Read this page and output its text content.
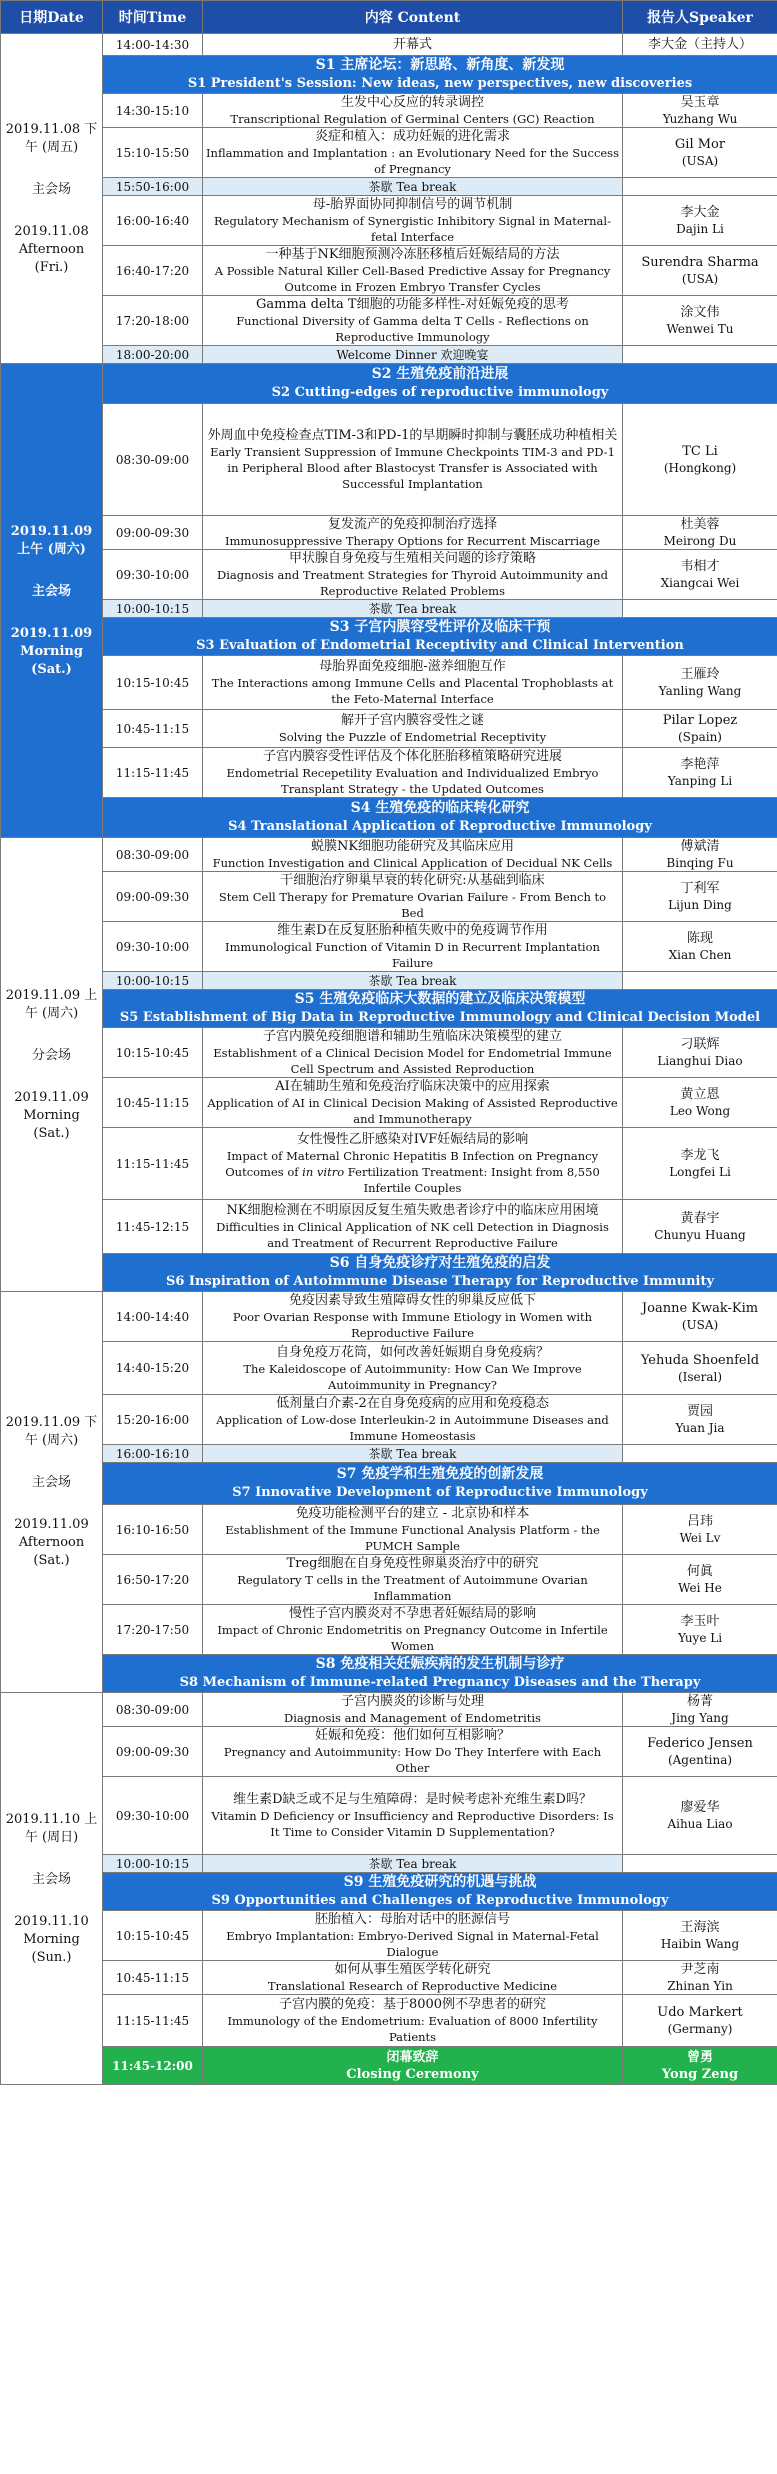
日期Date	时间Time	内容 Content	报告人Speaker

2019.11.08 下午 (周五)
主会场
2019.11.08
Afternoon
(Fri.)	14:00-14:30	开幕式	李大金（主持人）

	S1 主席论坛：新思路、新角度、新发现
S1 President's Session: New ideas, new perspectives, new discoveries		

	14:30-15:10	生发中心反应的转录调控
Transcriptional Regulation of Germinal Centers (GC) Reaction	吴玉章
Yuzhang Wu

	15:10-15:50	炎症和植入：成功妊娠的进化需求
Inflammation and Implantation : an Evolutionary Need for the Success of Pregnancy	Gil Mor
(USA)

	15:50-16:00	茶歇 Tea break	
	16:00-16:40	母-胎界面协同抑制信号的调节机制
Regulatory Mechanism of Synergistic Inhibitory Signal in Maternal-fetal Interface	李大金
Dajin Li

	16:40-17:20	一种基于NK细胞预测冷冻胚移植后妊娠结局的方法
A Possible Natural Killer Cell-Based Predictive Assay for Pregnancy Outcome in Frozen Embryo Transfer Cycles	Surendra Sharma
(USA)

	17:20-18:00	Gamma delta T细胞的功能多样性-对妊娠免疫的思考
Functional Diversity of Gamma delta T Cells - Reflections on Reproductive Immunology	涂文伟
Wenwei Tu

	18:00-20:00	Welcome Dinner 欢迎晚宴	

2019.11.09 上午 (周六)
主会场
2019.11.09
Morning (Sat.)	S2 生殖免疫前沿进展
S2 Cutting-edges of reproductive immunology		

	08:30-09:00	外周血中免疫检查点TIM-3和PD-1的早期瞬时抑制与囊胚成功种植相关
Early Transient Suppression of Immune Checkpoints TIM-3 and PD-1 in Peripheral Blood after Blastocyst Transfer is Associated with Successful Implantation	TC Li
(Hongkong)

	09:00-09:30	复发流产的免疫抑制治疗选择
Immunosuppressive Therapy Options for Recurrent Miscarriage	杜美蓉
Meirong Du

	09:30-10:00	甲状腺自身免疫与生殖相关问题的诊疗策略
Diagnosis and Treatment Strategies for Thyroid Autoimmunity and Reproductive Related Problems	韦相才
Xiangcai Wei

	10:00-10:15	茶歇 Tea break	

	S3 子宫内膜容受性评价及临床干预
S3 Evaluation of Endometrial Receptivity and Clinical Intervention		

	10:15-10:45	母胎界面免疫细胞-滋养细胞互作
The Interactions among Immune Cells and Placental Trophoblasts at the Feto-Maternal Interface	王雁玲
Yanling Wang

	10:45-11:15	解开子宫内膜容受性之谜
Solving the Puzzle of Endometrial Receptivity	Pilar Lopez
(Spain)

	11:15-11:45	子宫内膜容受性评估及个体化胚胎移植策略研究进展
Endometrial Recepetility Evaluation and Individualized Embryo Transplant Strategy - the Updated Outcomes	李艳萍
Yanping Li

	S4 生殖免疫的临床转化研究
S4 Translational Application of Reproductive Immunology		

2019.11.09 上午 (周六)
分会场
2019.11.09
Morning (Sat.)	08:30-09:00	蜕膜NK细胞功能研究及其临床应用
Function Investigation and Clinical Application of Decidual NK Cells	傅斌清
Binqing Fu

	09:00-09:30	干细胞治疗卵巢早衰的转化研究:从基础到临床
Stem Cell Therapy for Premature Ovarian Failure - From Bench to Bed	丁利军
Lijun Ding

	09:30-10:00	维生素D在反复胚胎种植失败中的免疫调节作用
Immunological Function of Vitamin D in Recurrent Implantation Failure	陈现
Xian Chen

	10:00-10:15	茶歇 Tea break	

	S5 生殖免疫临床大数据的建立及临床决策模型
S5 Establishment of Big Data in Reproductive Immunology and Clinical Decision Model		

	10:15-10:45	子宫内膜免疫细胞谱和辅助生殖临床决策模型的建立
Establishment of a Clinical Decision Model for Endometrial Immune Cell Spectrum and Assisted Reproduction	刁联辉
Lianghui Diao

	10:45-11:15	AI在辅助生殖和免疫治疗临床决策中的应用探索
Application of AI in Clinical Decision Making of Assisted Reproductive and Immunotherapy	黄立恩
Leo Wong

	11:15-11:45	女性慢性乙肝感染对IVF妊娠结局的影响
Impact of Maternal Chronic Hepatitis B Infection on Pregnancy Outcomes of in vitro Fertilization Treatment: Insight from 8,550 Infertile Couples	李龙飞
Longfei Li

	11:45-12:15	NK细胞检测在不明原因反复生殖失败患者诊疗中的临床应用困境
Difficulties in Clinical Application of NK cell Detection in Diagnosis and Treatment of Recurrent Reproductive Failure	黄春宇
Chunyu Huang

	S6 自身免疫诊疗对生殖免疫的启发
S6 Inspiration of Autoimmune Disease Therapy for Reproductive Immunity		

2019.11.09 下午 (周六)
主会场
2019.11.09
Afternoon
(Sat.)	14:00-14:40	免疫因素导致生殖障碍女性的卵巢反应低下
Poor Ovarian Response with Immune Etiology in Women with Reproductive Failure	Joanne Kwak-Kim
(USA)

	14:40-15:20	自身免疫万花筒，如何改善妊娠期自身免疫病？
The Kaleidoscope of Autoimmunity: How Can We Improve Autoimmunity in Pregnancy?	Yehuda Shoenfeld
(Iseral)

	15:20-16:00	低剂量白介素-2在自身免疫病的应用和免疫稳态
Application of Low-dose Interleukin-2 in Autoimmune Diseases and Immune Homeostasis	贾园
Yuan Jia

	16:00-16:10	茶歇 Tea break	

	S7 免疫学和生殖免疫的创新发展
S7 Innovative Development of Reproductive Immunology		

	16:10-16:50	免疫功能检测平台的建立 - 北京协和样本
Establishment of the Immune Functional Analysis Platform - the PUMCH Sample	吕玮
Wei Lv

	16:50-17:20	Treg细胞在自身免疫性卵巢炎治疗中的研究
Regulatory T cells in the Treatment of Autoimmune Ovarian Inflammation	何眞
Wei He

	17:20-17:50	慢性子宫内膜炎对不孕患者妊娠结局的影响
Impact of Chronic Endometritis on Pregnancy Outcome in Infertile Women	李玉叶
Yuye Li

	S8 免疫相关妊娠疾病的发生机制与诊疗
S8 Mechanism of Immune-related Pregnancy Diseases and the Therapy		

2019.11.10 上午 (周日)
主会场
2019.11.10
Morning (Sun.)	08:30-09:00	子宫内膜炎的诊断与处理
Diagnosis and Management of Endometritis	杨菁
Jing Yang

	09:00-09:30	妊娠和免疫：他们如何互相影响？
Pregnancy and Autoimmunity: How Do They Interfere with Each Other	Federico Jensen
(Agentina)

	09:30-10:00	维生素D缺乏或不足与生殖障碍：是时候考虑补充维生素D吗？
Vitamin D Deficiency or Insufficiency and Reproductive Disorders: Is It Time to Consider Vitamin D Supplementation?	廖爱华
Aihua Liao

	10:00-10:15	茶歇 Tea break	

	S9 生殖免疫研究的机遇与挑战
S9 Opportunities and Challenges of Reproductive Immunology		

	10:15-10:45	胚胎植入：母胎对话中的胚源信号
Embryo Implantation: Embryo-Derived Signal in Maternal-Fetal Dialogue	王海滨
Haibin Wang

	10:45-11:15	如何从事生殖医学转化研究
Translational Research of Reproductive Medicine	尹芝南
Zhinan Yin

	11:15-11:45	子宫内膜的免疫：基于8000例不孕患者的研究
Immunology of the Endometrium: Evaluation of 8000 Infertility Patients	Udo Markert
(Germany)

	11:45-12:00	闭幕致辞
Closing Ceremony	曾勇
Yong Zeng
